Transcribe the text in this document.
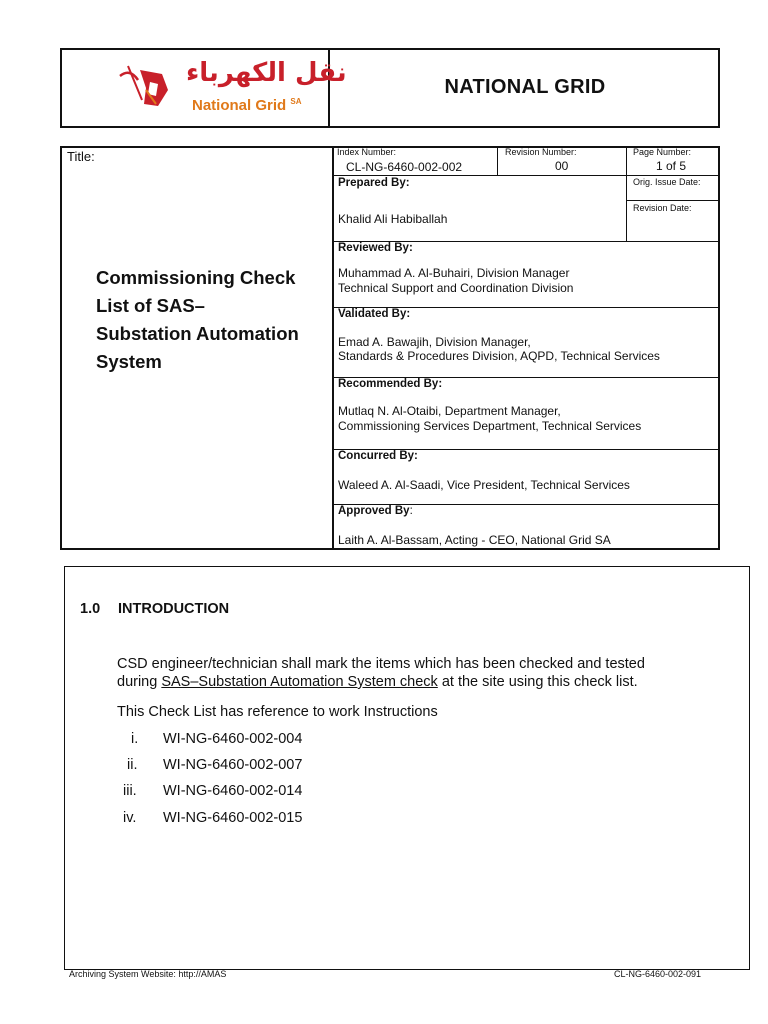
نقل الكهرباء
National Grid $^{SA}$
NATIONAL GRID
Title:
Commissioning Check
List of SAS–
Substation Automation
System
Index Number:
CL-NG-6460-002-002
Revision Number:
00
Page Number:
1 of 5
Orig. Issue Date:
Revision Date:
Prepared By:
Khalid Ali Habiballah
Reviewed By:
Muhammad A. Al-Buhairi, Division Manager
Technical Support and Coordination Division
Validated By:
Emad A. Bawajih, Division Manager,
Standards & Procedures Division, AQPD, Technical Services
Recommended By:
Mutlaq N. Al-Otaibi, Department Manager,
Commissioning Services Department, Technical Services
Concurred By:
Waleed A. Al-Saadi, Vice President, Technical Services
Approved By:
Laith A. Al-Bassam, Acting - CEO, National Grid SA
1.0 INTRODUCTION
CSD engineer/technician shall mark the items which has been checked and tested
during SAS–Substation Automation System check at the site using this check list.
This Check List has reference to work Instructions
i. WI-NG-6460-002-004
ii. WI-NG-6460-002-007
iii. WI-NG-6460-002-014
iv. WI-NG-6460-002-015
Archiving System Website: http://AMAS	CL-NG-6460-002-091
